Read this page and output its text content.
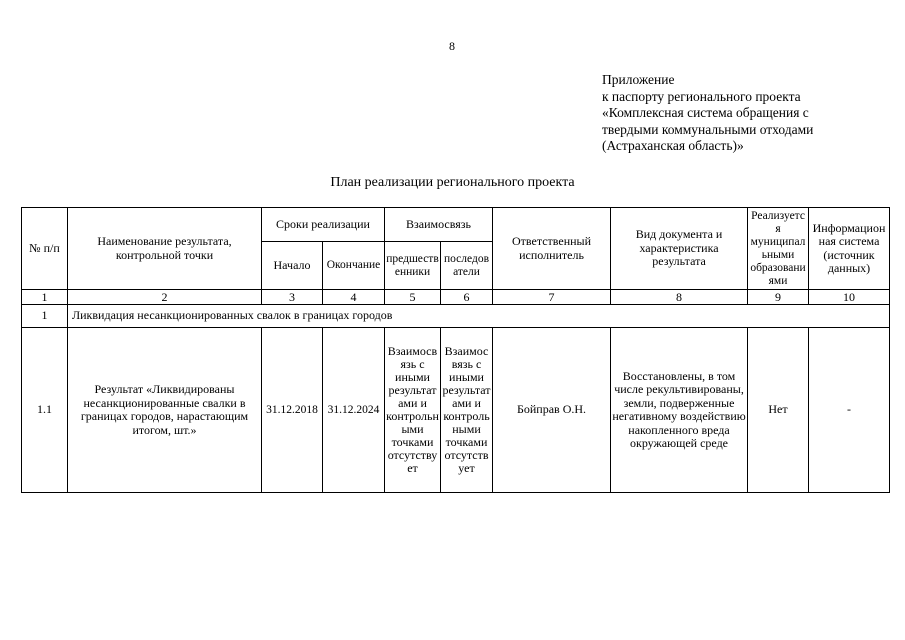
8
Приложение
к паспорту регионального проекта
«Комплексная система обращения с
твердыми коммунальными отходами
(Астраханская область)»
План реализации регионального проекта
№ п/п	Наименование результата, контрольной точки	Сроки реализации		Взаимосвязь		Ответственный исполнитель	Вид документа и характеристика результата	Реализуется муниципальными образованиями	Информационная система (источник данных)
		Начало	Окончание	предшественники	последователи				
1	2	3	4	5	6	7	8	9	10
1	Ликвидация несанкционированных свалок в границах городов								
1.1	Результат «Ликвидированы несанкционированные свалки в границах городов, нарастающим итогом, шт.»	31.12.2018	31.12.2024	Взаимосвязь с иными результатами и контрольными точками отсутствует	Взаимосвязь с иными результатами и контрольными точками отсутствует	Бойправ О.Н.	Восстановлены, в том числе рекультивированы, земли, подверженные негативному воздействию накопленного вреда окружающей среде	Нет	-
